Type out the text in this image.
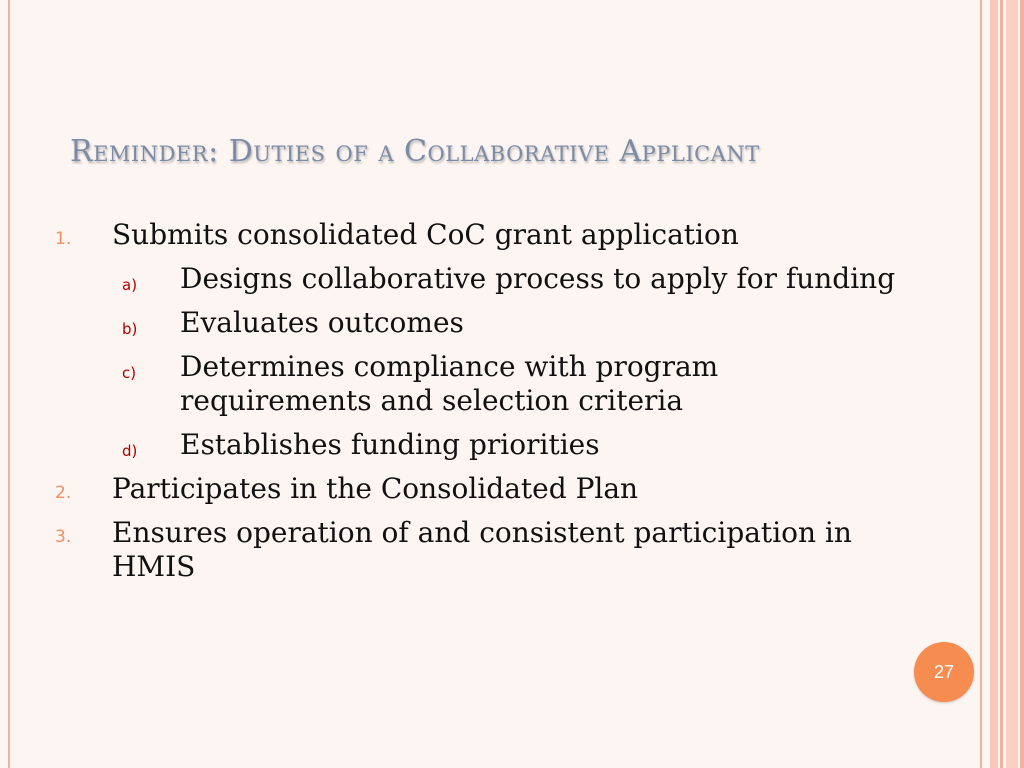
Reminder: Duties of a Collaborative Applicant
1. Submits consolidated CoC grant application
a) Designs collaborative process to apply for funding
b) Evaluates outcomes
c) Determines compliance with program requirements and selection criteria
d) Establishes funding priorities
2. Participates in the Consolidated Plan
3. Ensures operation of and consistent participation in HMIS
27
